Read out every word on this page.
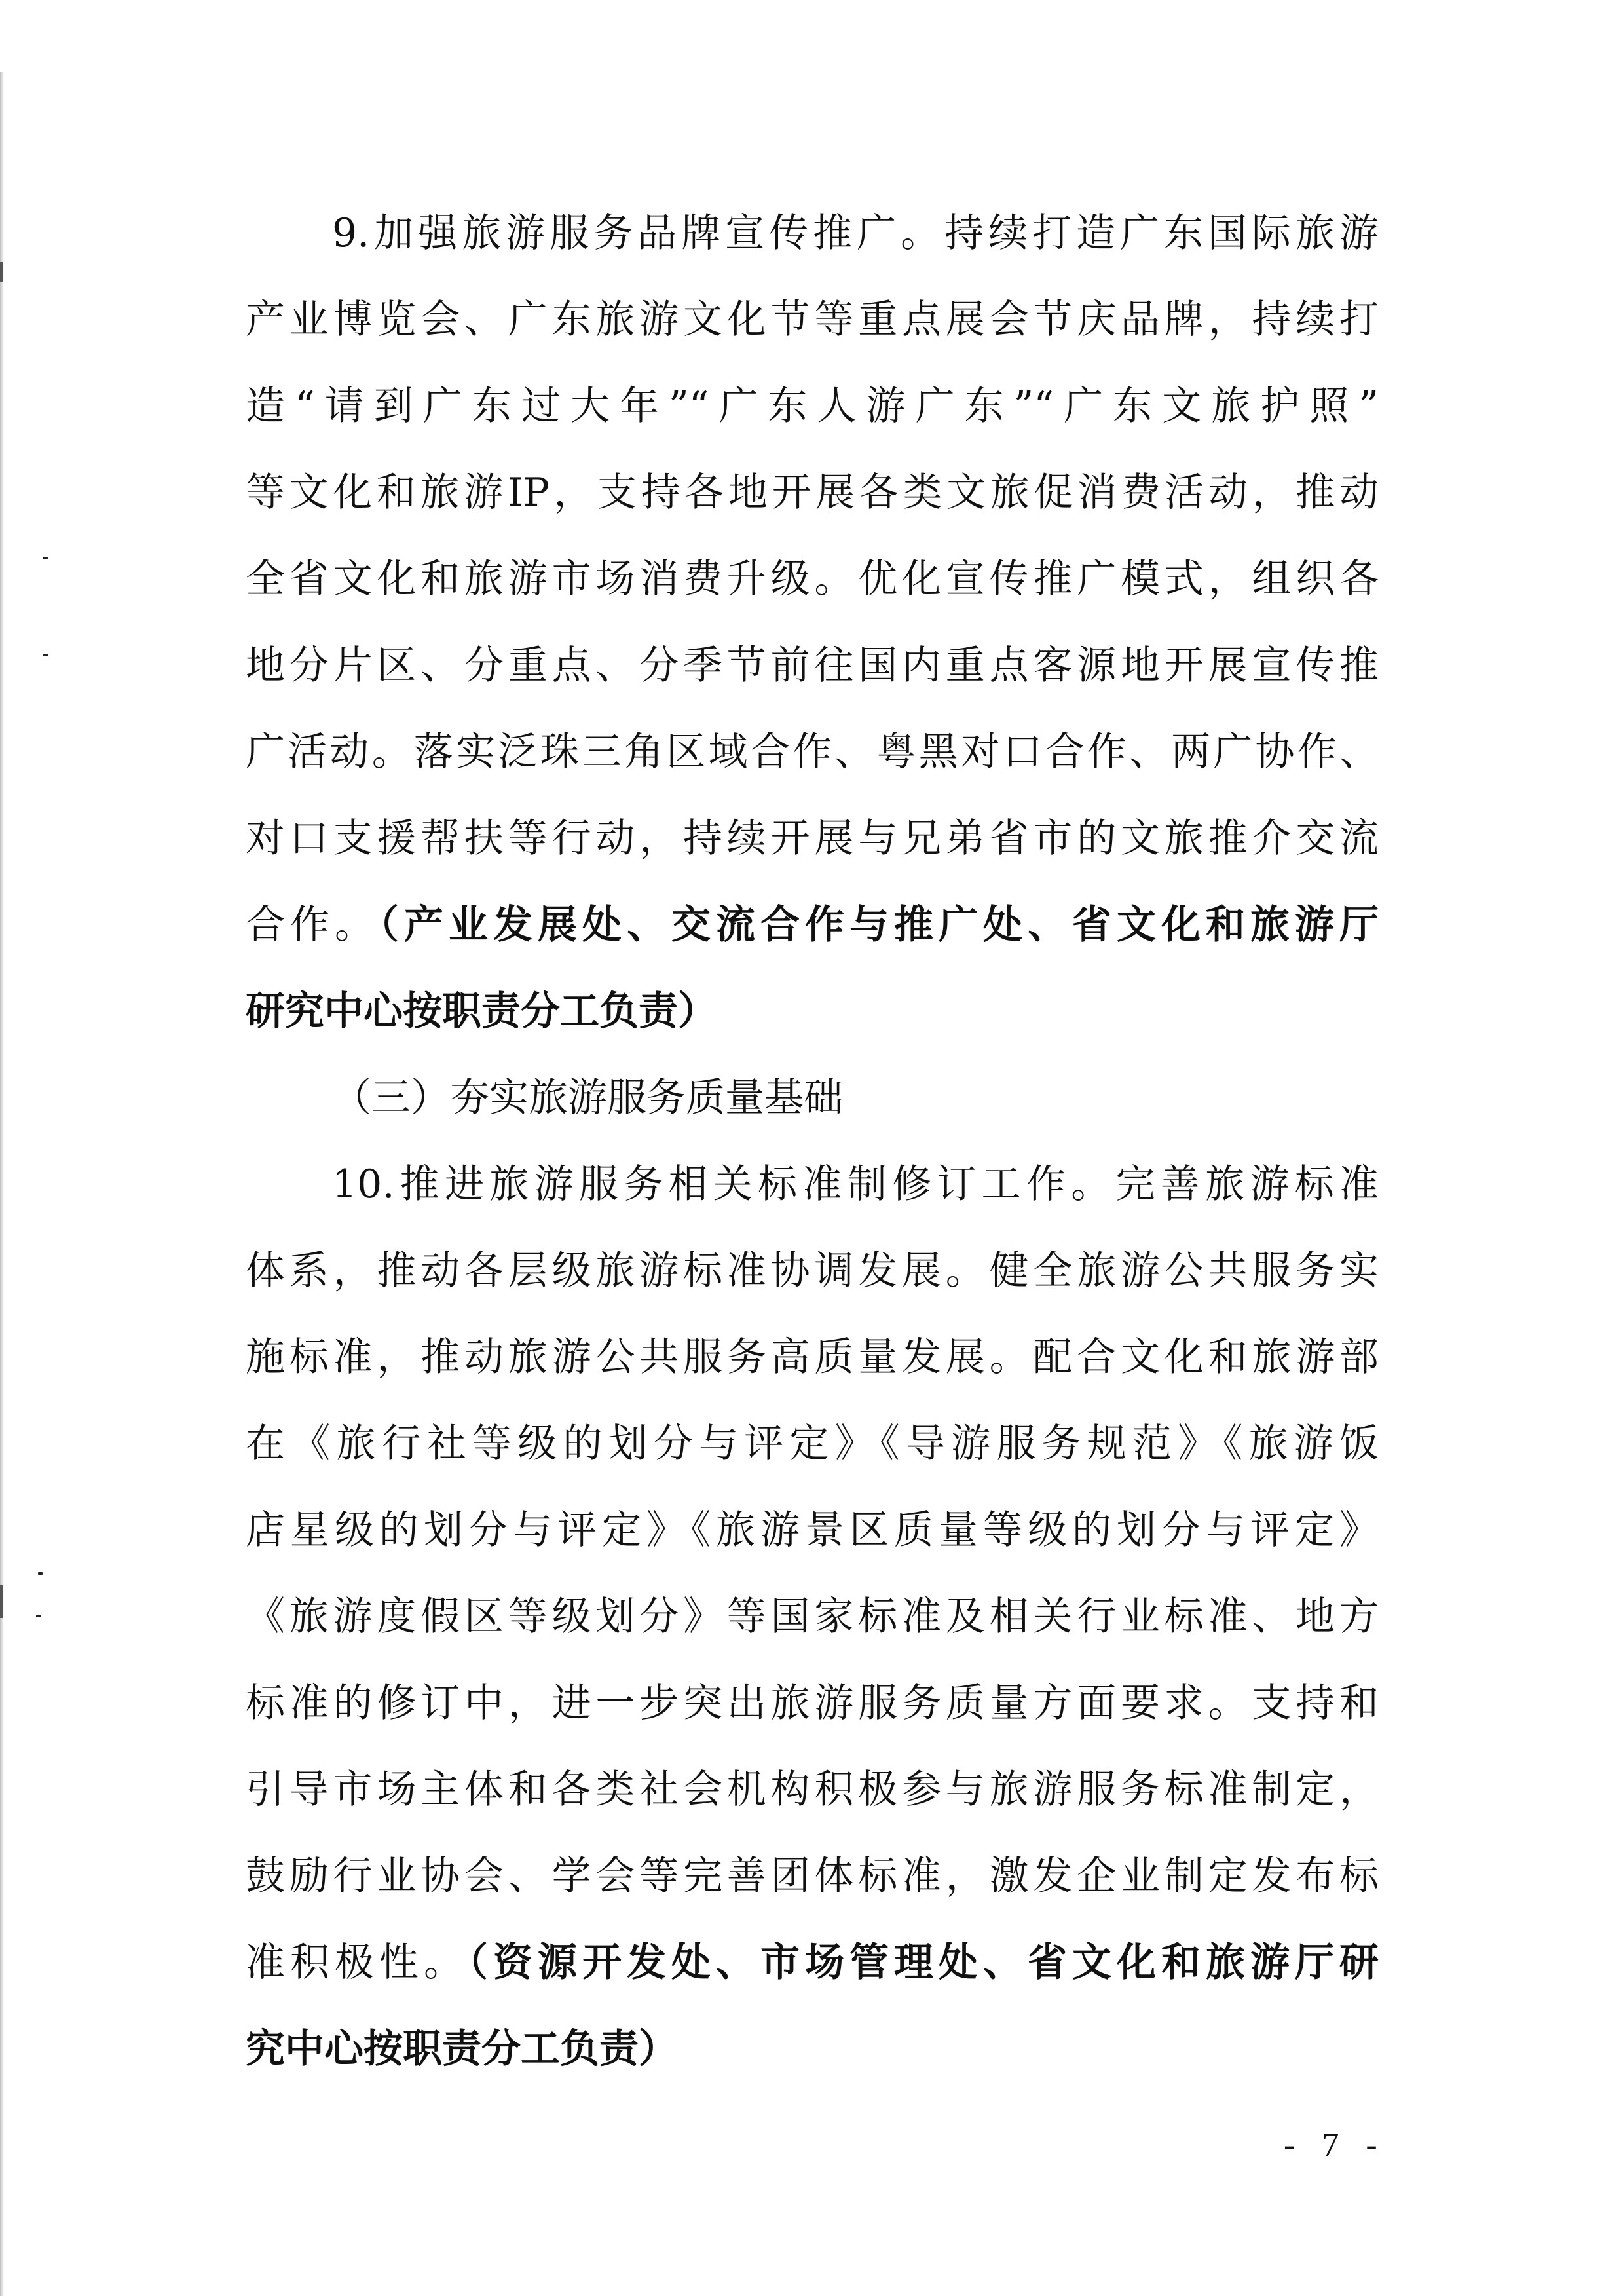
9.加强旅游服务品牌宣传推广。持续打造广东国际旅游
产业博览会、广东旅游文化节等重点展会节庆品牌，持续打
造“请到广东过大年”“广东人游广东”“广东文旅护照”
等文化和旅游IP，支持各地开展各类文旅促消费活动，推动
全省文化和旅游市场消费升级。优化宣传推广模式，组织各
地分片区、分重点、分季节前往国内重点客源地开展宣传推
广活动。落实泛珠三角区域合作、粤黑对口合作、两广协作、
对口支援帮扶等行动，持续开展与兄弟省市的文旅推介交流
合作。（产业发展处、交流合作与推广处、省文化和旅游厅
研究中心按职责分工负责）
（三）夯实旅游服务质量基础
10.推进旅游服务相关标准制修订工作。完善旅游标准
体系，推动各层级旅游标准协调发展。健全旅游公共服务实
施标准，推动旅游公共服务高质量发展。配合文化和旅游部
在《旅行社等级的划分与评定》《导游服务规范》《旅游饭
店星级的划分与评定》《旅游景区质量等级的划分与评定》
《旅游度假区等级划分》等国家标准及相关行业标准、地方
标准的修订中，进一步突出旅游服务质量方面要求。支持和
引导市场主体和各类社会机构积极参与旅游服务标准制定，
鼓励行业协会、学会等完善团体标准，激发企业制定发布标
准积极性。（资源开发处、市场管理处、省文化和旅游厅研
究中心按职责分工负责）
- 7 -
